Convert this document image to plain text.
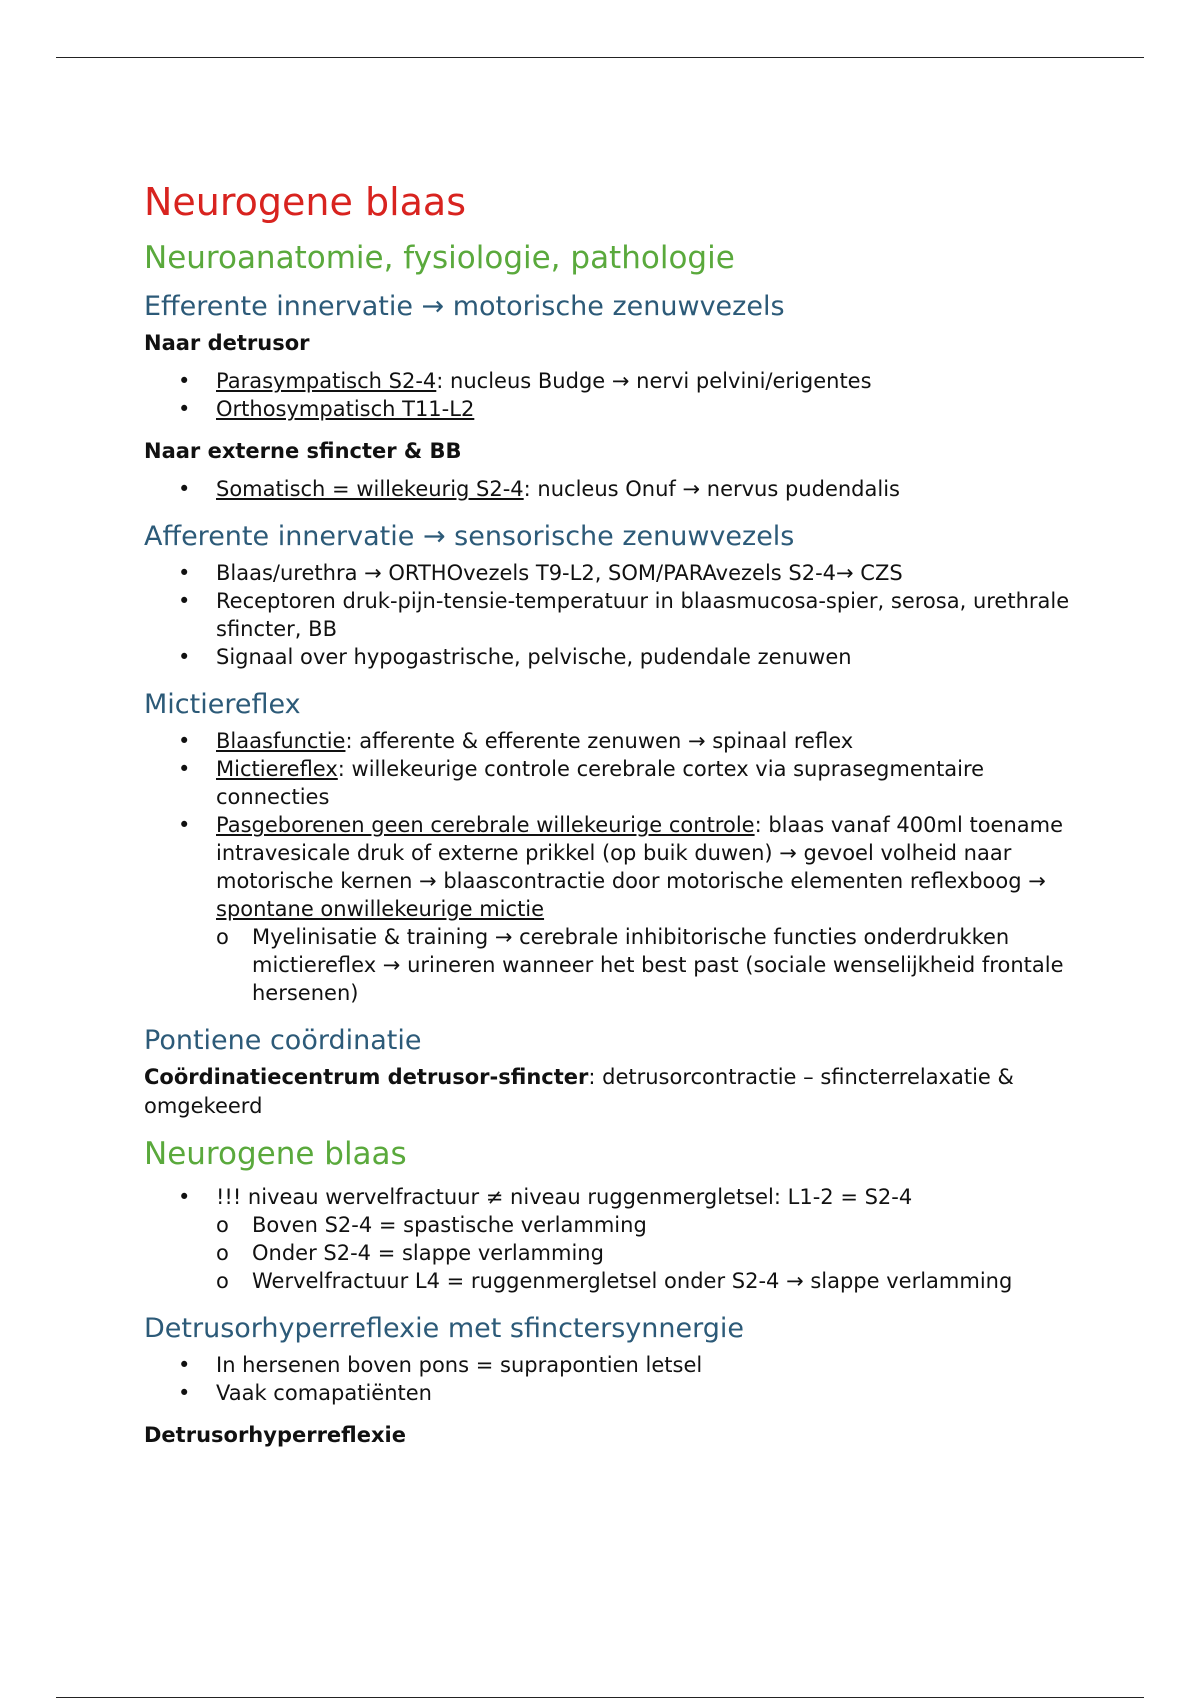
Neurogene blaas
Neuroanatomie, fysiologie, pathologie
Efferente innervatie → motorische zenuwvezels
Naar detrusor
• Parasympatisch S2-4: nucleus Budge → nervi pelvini/erigentes
• Orthosympatisch T11-L2
Naar externe sfincter & BB
• Somatisch = willekeurig S2-4: nucleus Onuf → nervus pudendalis
Afferente innervatie → sensorische zenuwvezels
• Blaas/urethra → ORTHOvezels T9-L2, SOM/PARAvezels S2-4→ CZS
• Receptoren druk-pijn-tensie-temperatuur in blaasmucosa-spier, serosa, urethrale sfincter, BB
• Signaal over hypogastrische, pelvische, pudendale zenuwen
Mictiereflex
• Blaasfunctie: afferente & efferente zenuwen → spinaal reflex
• Mictiereflex: willekeurige controle cerebrale cortex via suprasegmentaire connecties
• Pasgeborenen geen cerebrale willekeurige controle: blaas vanaf 400ml toename intravesicale druk of externe prikkel (op buik duwen) → gevoel volheid naar motorische kernen → blaascontractie door motorische elementen reflexboog → spontane onwillekeurige mictie
o Myelinisatie & training → cerebrale inhibitorische functies onderdrukken mictiereflex → urineren wanneer het best past (sociale wenselijkheid frontale hersenen)
Pontiene coördinatie

Coördinatiecentrum detrusor-sfincter: detrusorcontractie – sfincterrelaxatie & omgekeerd

Neurogene blaas
• !!! niveau wervelfractuur ≠ niveau ruggenmergletsel: L1-2 = S2-4
o Boven S2-4 = spastische verlamming
o Onder S2-4 = slappe verlamming
o Wervelfractuur L4 = ruggenmergletsel onder S2-4 → slappe verlamming
Detrusorhyperreflexie met sfinctersynnergie
• In hersenen boven pons = suprapontien letsel
• Vaak comapatiënten
Detrusorhyperreflexie
